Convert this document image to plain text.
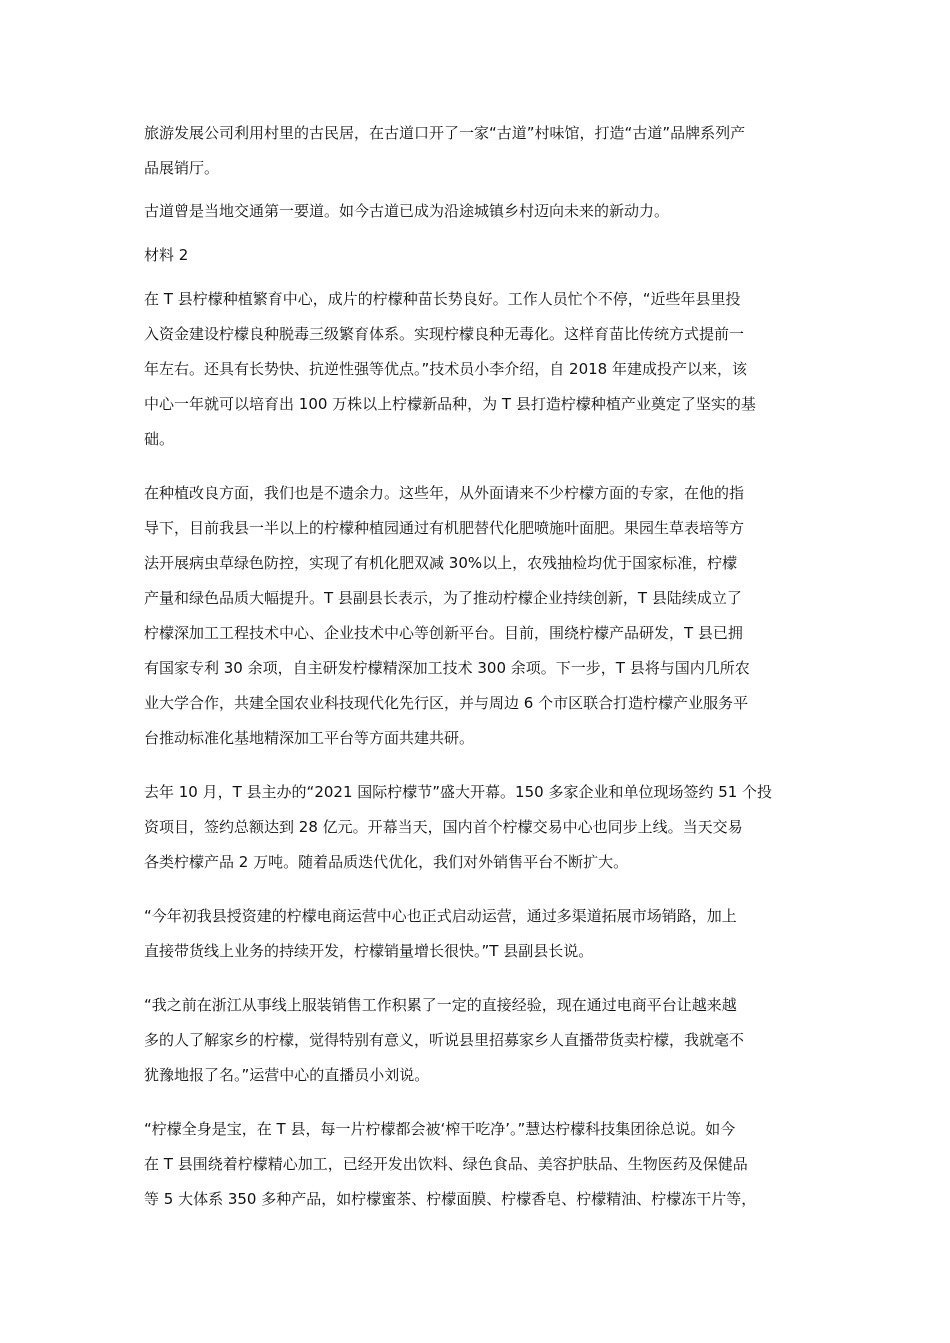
旅游发展公司利用村里的古民居，在古道口开了一家“古道”村味馆，打造“古道”品牌系列产
品展销厅。
古道曾是当地交通第一要道。如今古道已成为沿途城镇乡村迈向未来的新动力。
材料 2
在 T 县柠檬种植繁育中心，成片的柠檬种苗长势良好。工作人员忙个不停，“近些年县里投
入资金建设柠檬良种脱毒三级繁育体系。实现柠檬良种无毒化。这样育苗比传统方式提前一
年左右。还具有长势快、抗逆性强等优点。”技术员小李介绍，自 2018 年建成投产以来，该
中心一年就可以培育出 100 万株以上柠檬新品种，为 T 县打造柠檬种植产业奠定了坚实的基
础。
在种植改良方面，我们也是不遗余力。这些年，从外面请来不少柠檬方面的专家，在他的指
导下，目前我县一半以上的柠檬种植园通过有机肥替代化肥喷施叶面肥。果园生草表培等方
法开展病虫草绿色防控，实现了有机化肥双减 30%以上，农残抽检均优于国家标准，柠檬
产量和绿色品质大幅提升。T 县副县长表示，为了推动柠檬企业持续创新，T 县陆续成立了
柠檬深加工工程技术中心、企业技术中心等创新平台。目前，围绕柠檬产品研发，T 县已拥
有国家专利 30 余项，自主研发柠檬精深加工技术 300 余项。下一步，T 县将与国内几所农
业大学合作，共建全国农业科技现代化先行区，并与周边 6 个市区联合打造柠檬产业服务平
台推动标准化基地精深加工平台等方面共建共研。
去年 10 月，T 县主办的“2021 国际柠檬节”盛大开幕。150 多家企业和单位现场签约 51 个投
资项目，签约总额达到 28 亿元。开幕当天，国内首个柠檬交易中心也同步上线。当天交易
各类柠檬产品 2 万吨。随着品质迭代优化，我们对外销售平台不断扩大。
“今年初我县授资建的柠檬电商运营中心也正式启动运营，通过多渠道拓展市场销路，加上
直接带货线上业务的持续开发，柠檬销量增长很快。”T 县副县长说。
“我之前在浙江从事线上服装销售工作积累了一定的直接经验，现在通过电商平台让越来越
多的人了解家乡的柠檬，觉得特别有意义，听说县里招募家乡人直播带货卖柠檬，我就毫不
犹豫地报了名。”运营中心的直播员小刘说。
“柠檬全身是宝，在 T 县，每一片柠檬都会被‘榨干吃净’。”慧达柠檬科技集团徐总说。如今
在 T 县围绕着柠檬精心加工，已经开发出饮料、绿色食品、美容护肤品、生物医药及保健品
等 5 大体系 350 多种产品，如柠檬蜜茶、柠檬面膜、柠檬香皂、柠檬精油、柠檬冻干片等，
